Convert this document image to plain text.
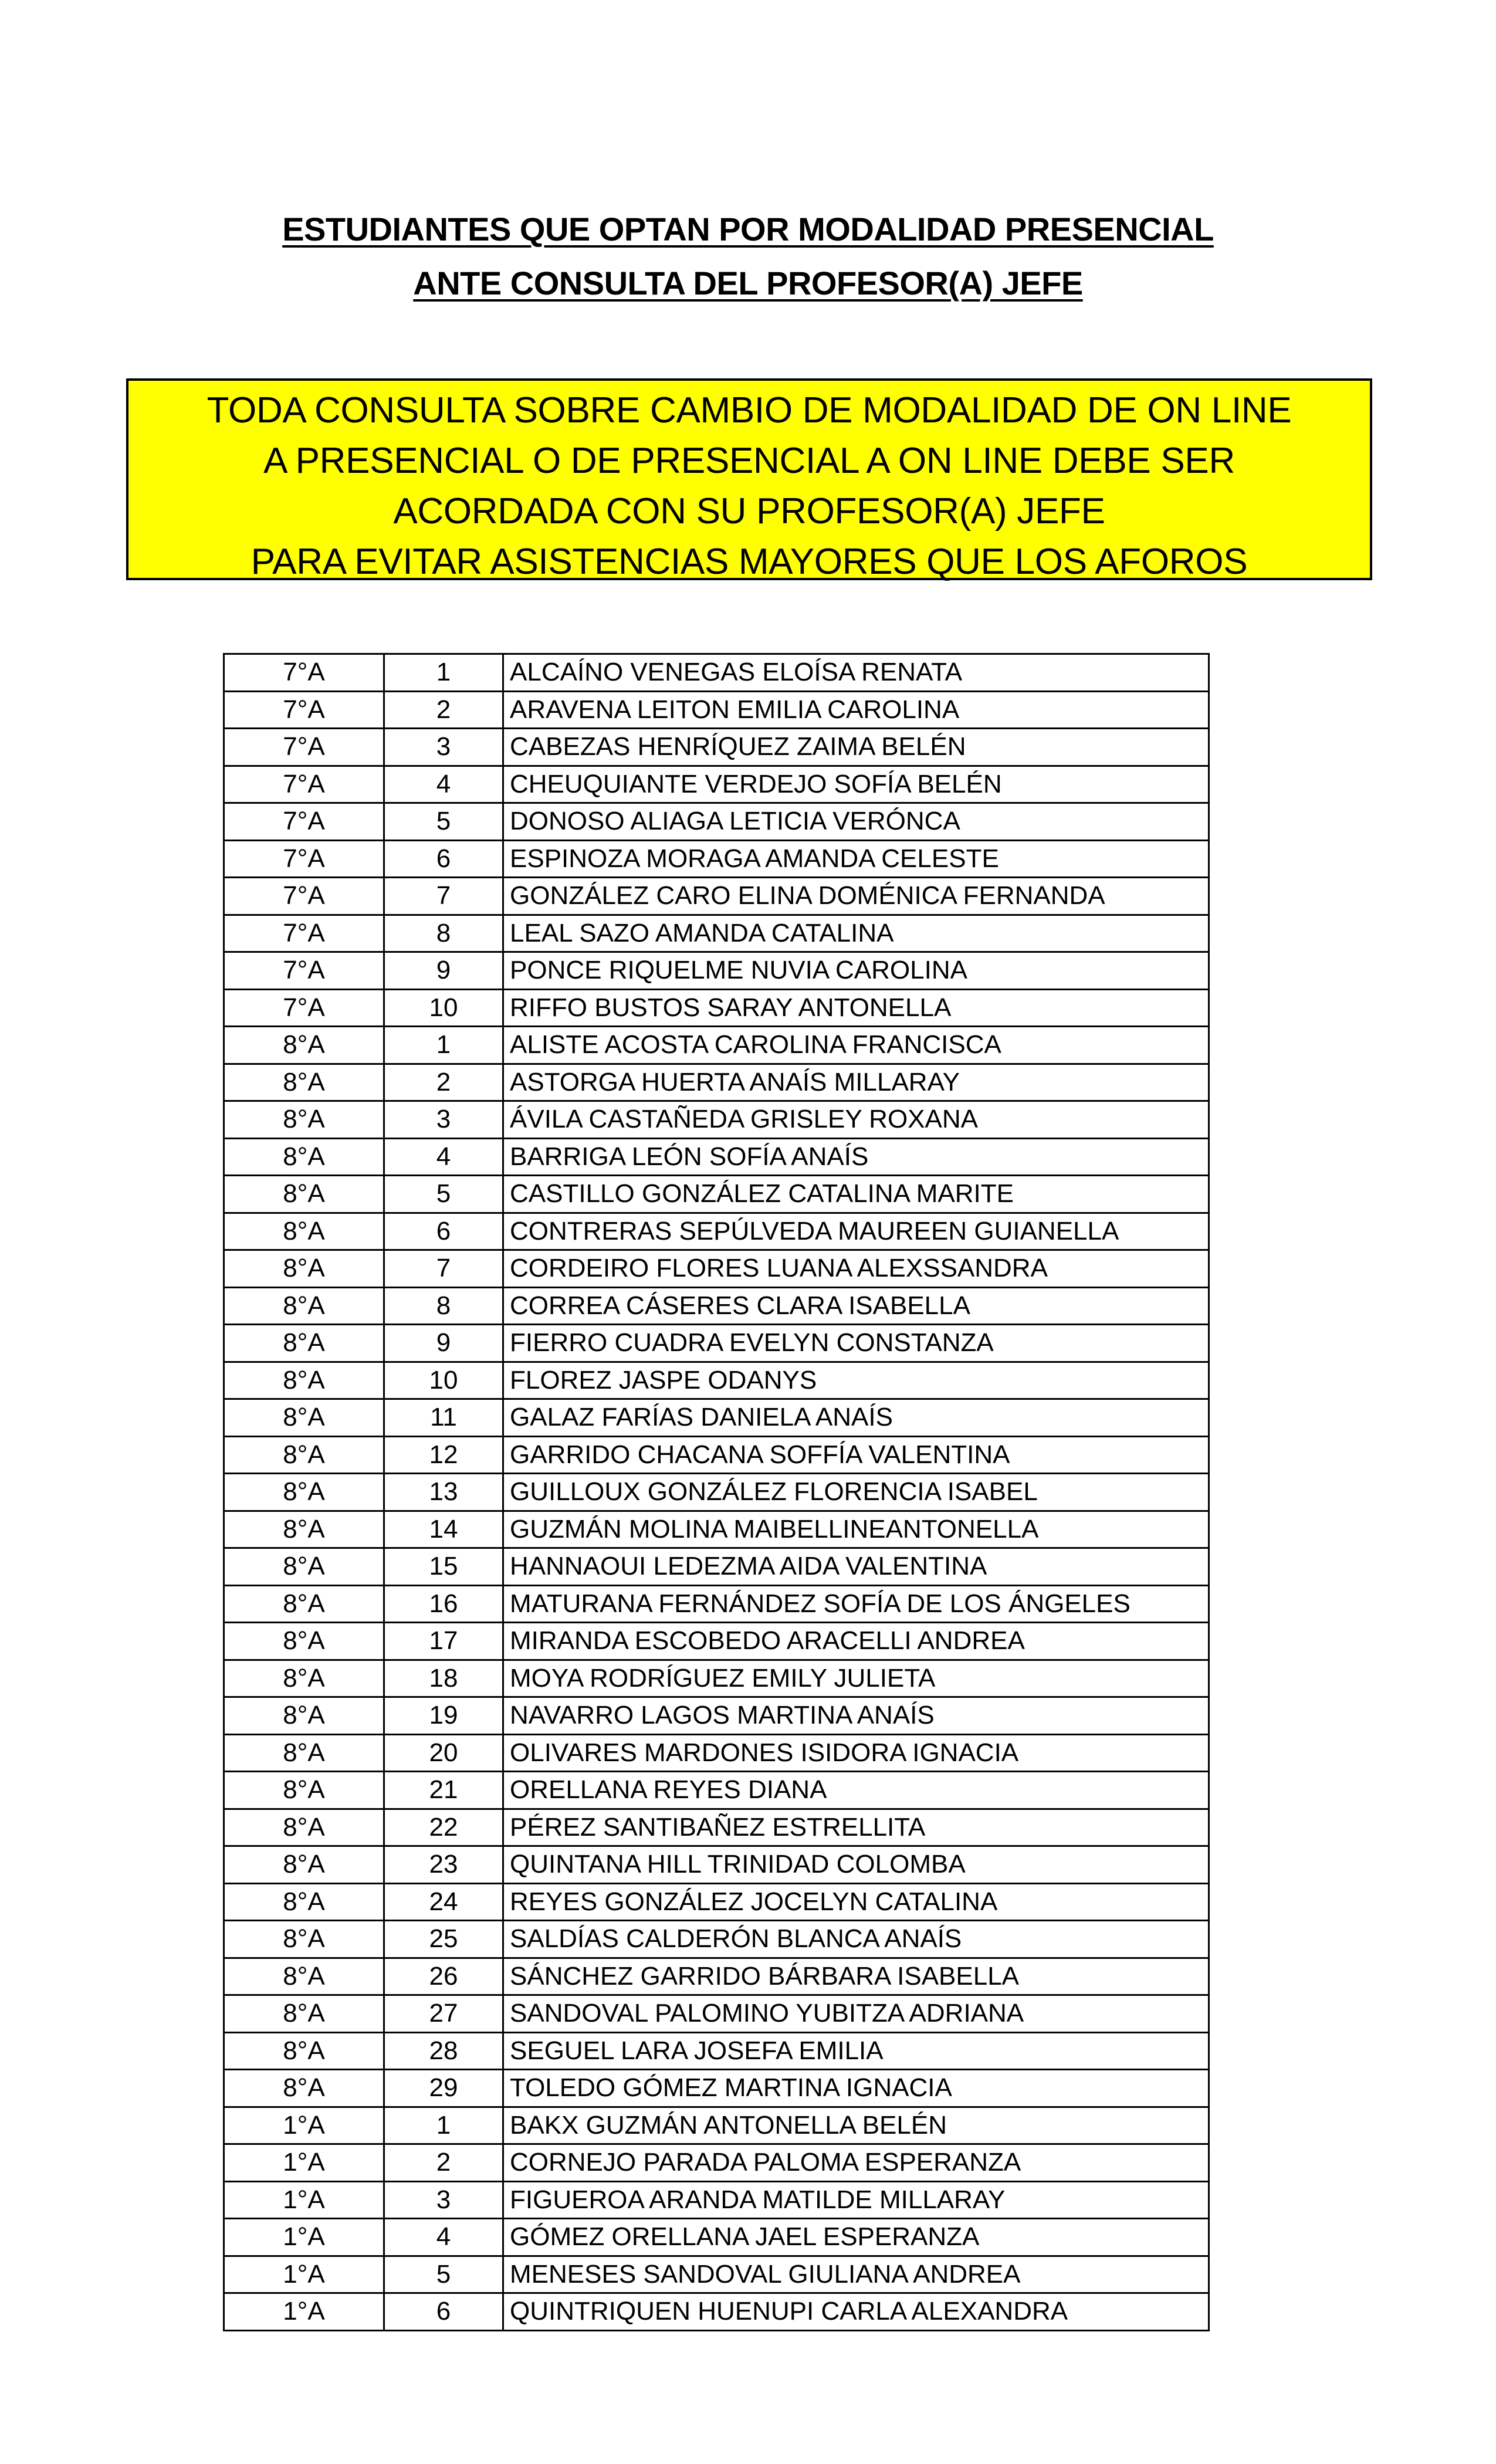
ESTUDIANTES QUE OPTAN POR MODALIDAD PRESENCIAL
ANTE CONSULTA DEL PROFESOR(A) JEFE
TODA CONSULTA SOBRE CAMBIO DE MODALIDAD DE ON LINE
A PRESENCIAL O DE PRESENCIAL A ON LINE DEBE SER
ACORDADA CON SU PROFESOR(A) JEFE
PARA EVITAR ASISTENCIAS MAYORES QUE LOS AFOROS
7°A	1	ALCAÍNO VENEGAS ELOÍSA RENATA
7°A	2	ARAVENA LEITON EMILIA CAROLINA
7°A	3	CABEZAS HENRÍQUEZ ZAIMA BELÉN
7°A	4	CHEUQUIANTE VERDEJO SOFÍA BELÉN
7°A	5	DONOSO ALIAGA LETICIA VERÓNCA
7°A	6	ESPINOZA MORAGA AMANDA CELESTE
7°A	7	GONZÁLEZ CARO ELINA DOMÉNICA FERNANDA
7°A	8	LEAL SAZO AMANDA CATALINA
7°A	9	PONCE RIQUELME NUVIA CAROLINA
7°A	10	RIFFO BUSTOS SARAY ANTONELLA
8°A	1	ALISTE ACOSTA CAROLINA FRANCISCA
8°A	2	ASTORGA HUERTA ANAÍS MILLARAY
8°A	3	ÁVILA CASTAÑEDA GRISLEY ROXANA
8°A	4	BARRIGA LEÓN SOFÍA ANAÍS
8°A	5	CASTILLO GONZÁLEZ CATALINA MARITE
8°A	6	CONTRERAS SEPÚLVEDA MAUREEN GUIANELLA
8°A	7	CORDEIRO FLORES LUANA ALEXSSANDRA
8°A	8	CORREA CÁSERES CLARA ISABELLA
8°A	9	FIERRO CUADRA EVELYN CONSTANZA
8°A	10	FLOREZ JASPE ODANYS
8°A	11	GALAZ FARÍAS DANIELA ANAÍS
8°A	12	GARRIDO CHACANA SOFFÍA VALENTINA
8°A	13	GUILLOUX GONZÁLEZ FLORENCIA ISABEL
8°A	14	GUZMÁN MOLINA MAIBELLINEANTONELLA
8°A	15	HANNAOUI LEDEZMA AIDA VALENTINA
8°A	16	MATURANA FERNÁNDEZ SOFÍA DE LOS ÁNGELES
8°A	17	MIRANDA ESCOBEDO ARACELLI ANDREA
8°A	18	MOYA RODRÍGUEZ EMILY JULIETA
8°A	19	NAVARRO LAGOS MARTINA ANAÍS
8°A	20	OLIVARES MARDONES ISIDORA IGNACIA
8°A	21	ORELLANA REYES DIANA
8°A	22	PÉREZ SANTIBAÑEZ ESTRELLITA
8°A	23	QUINTANA HILL TRINIDAD COLOMBA
8°A	24	REYES GONZÁLEZ JOCELYN CATALINA
8°A	25	SALDÍAS CALDERÓN BLANCA ANAÍS
8°A	26	SÁNCHEZ GARRIDO BÁRBARA ISABELLA
8°A	27	SANDOVAL PALOMINO YUBITZA ADRIANA
8°A	28	SEGUEL LARA JOSEFA EMILIA
8°A	29	TOLEDO GÓMEZ MARTINA IGNACIA
1°A	1	BAKX GUZMÁN ANTONELLA BELÉN
1°A	2	CORNEJO PARADA PALOMA ESPERANZA
1°A	3	FIGUEROA ARANDA MATILDE MILLARAY
1°A	4	GÓMEZ ORELLANA JAEL ESPERANZA
1°A	5	MENESES SANDOVAL GIULIANA ANDREA
1°A	6	QUINTRIQUEN HUENUPI CARLA ALEXANDRA
